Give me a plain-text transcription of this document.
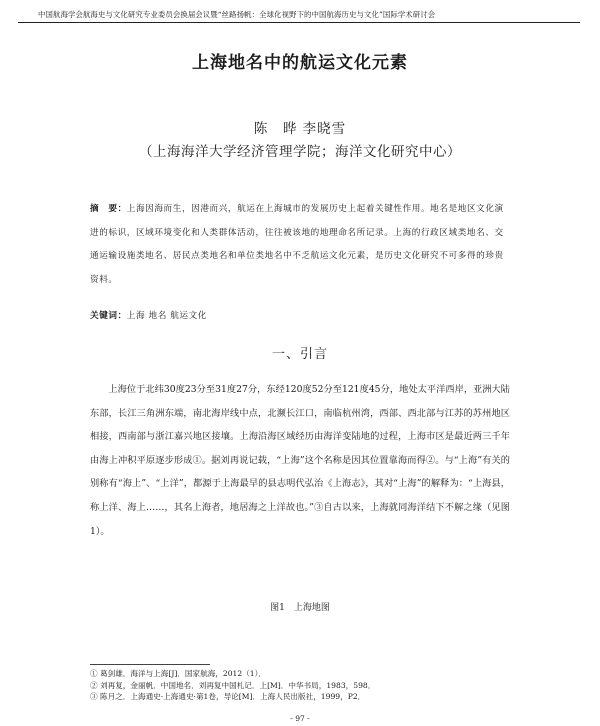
中国航海学会航海史与文化研究专业委员会换届会议暨“丝路扬帆：全球化视野下的中国航海历史与文化”国际学术研讨会
上海地名中的航运文化元素
陈　晔 李晓雪
（上海海洋大学经济管理学院；海洋文化研究中心）
摘　要：上海因海而生，因港而兴，航运在上海城市的发展历史上起着关键性作用。地名是地区文化演进的标识，区域环境变化和人类群体活动，往往被该地的地理命名所记录。上海的行政区域类地名、交通运输设施类地名、居民点类地名和单位类地名中不乏航运文化元素，是历史文化研究不可多得的珍贵资料。
关键词：上海 地名 航运文化
一、引言
上海位于北纬30度23分至31度27分，东经120度52分至121度45分，地处太平洋西岸，亚洲大陆东部，长江三角洲东端，南北海岸线中点，北濒长江口，南临杭州湾，西部、西北部与江苏的苏州地区相接，西南部与浙江嘉兴地区接壤。上海沿海区域经历由海洋变陆地的过程，上海市区是最近两三千年由海上冲积平原逐步形成①。据刘再说记载，“上海”这个名称是因其位置靠海而得②。与“上海”有关的别称有“海上”、“上洋”，都源于上海最早的县志明代弘治《上海志》，其对“上海”的解释为：“上海县，称上洋、海上……，其名上海者，地居海之上洋故也。”③自古以来，上海就同海洋结下不解之缘（见图1）。
图1　上海地图
① 葛剑雄．海洋与上海[J]．国家航海，2012（1）．
② 刘再复，金丽帆．中国地名．刘再复中国札记．上[M]．中华书局，1983，598．
③ 陈月之．上海通史·上海通史·第1卷，导论[M]．上海人民出版社，1999，P2．
- 97 -
